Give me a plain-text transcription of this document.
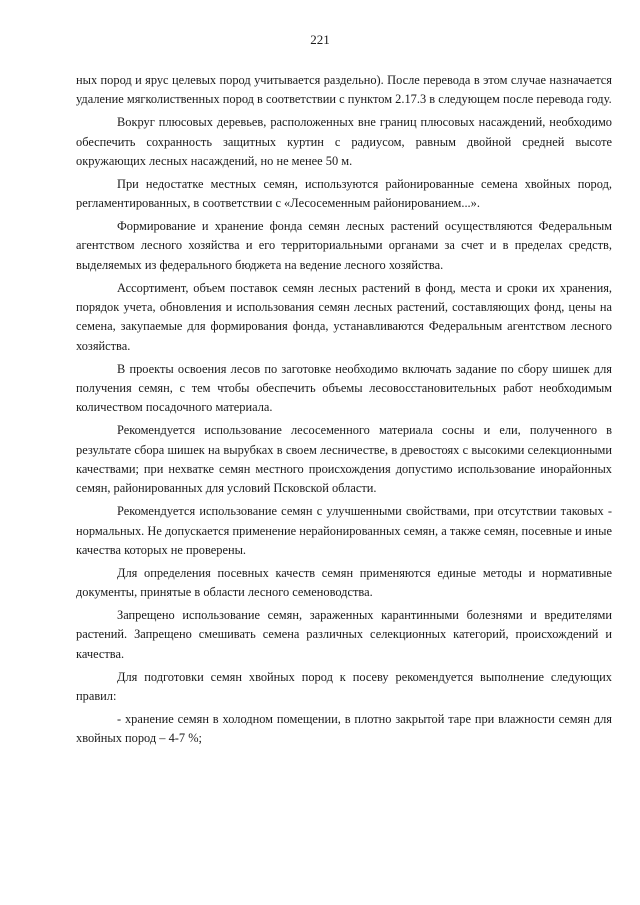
221

ных пород и ярус целевых пород учитывается раздельно). После перевода в этом случае назначается удаление мягколиственных пород в соответствии с пунктом 2.17.3 в следующем после перевода году.

Вокруг плюсовых деревьев, расположенных вне границ плюсовых насаждений, необходимо обеспечить сохранность защитных куртин с радиусом, равным двойной средней высоте окружающих лесных насаждений, но не менее 50 м.

При недостатке местных семян, используются районированные семена хвойных пород, регламентированных, в соответствии с «Лесосеменным районированием...».

Формирование и хранение фонда семян лесных растений осуществляются Федеральным агентством лесного хозяйства и его территориальными органами за счет и в пределах средств, выделяемых из федерального бюджета на ведение лесного хозяйства.

Ассортимент, объем поставок семян лесных растений в фонд, места и сроки их хранения, порядок учета, обновления и использования семян лесных растений, составляющих фонд, цены на семена, закупаемые для формирования фонда, устанавливаются Федеральным агентством лесного хозяйства.

В проекты освоения лесов по заготовке необходимо включать задание по сбору шишек для получения семян, с тем чтобы обеспечить объемы лесовосстановительных работ необходимым количеством посадочного материала.

Рекомендуется использование лесосеменного материала сосны и ели, полученного в результате сбора шишек на вырубках в своем лесничестве, в древостоях с высокими селекционными качествами; при нехватке семян местного происхождения допустимо использование инорайонных семян, районированных для условий Псковской области.

Рекомендуется использование семян с улучшенными свойствами, при отсутствии таковых - нормальных. Не допускается применение нерайонированных семян, а также семян, посевные и иные качества которых не проверены.

Для определения посевных качеств семян применяются единые методы и нормативные документы, принятые в области лесного семеноводства.

Запрещено использование семян, зараженных карантинными болезнями и вредителями растений. Запрещено смешивать семена различных селекционных категорий, происхождений и качества.

Для подготовки семян хвойных пород к посеву рекомендуется выполнение следующих правил:

- хранение семян в холодном помещении, в плотно закрытой таре при влажности семян для хвойных пород – 4-7 %;
